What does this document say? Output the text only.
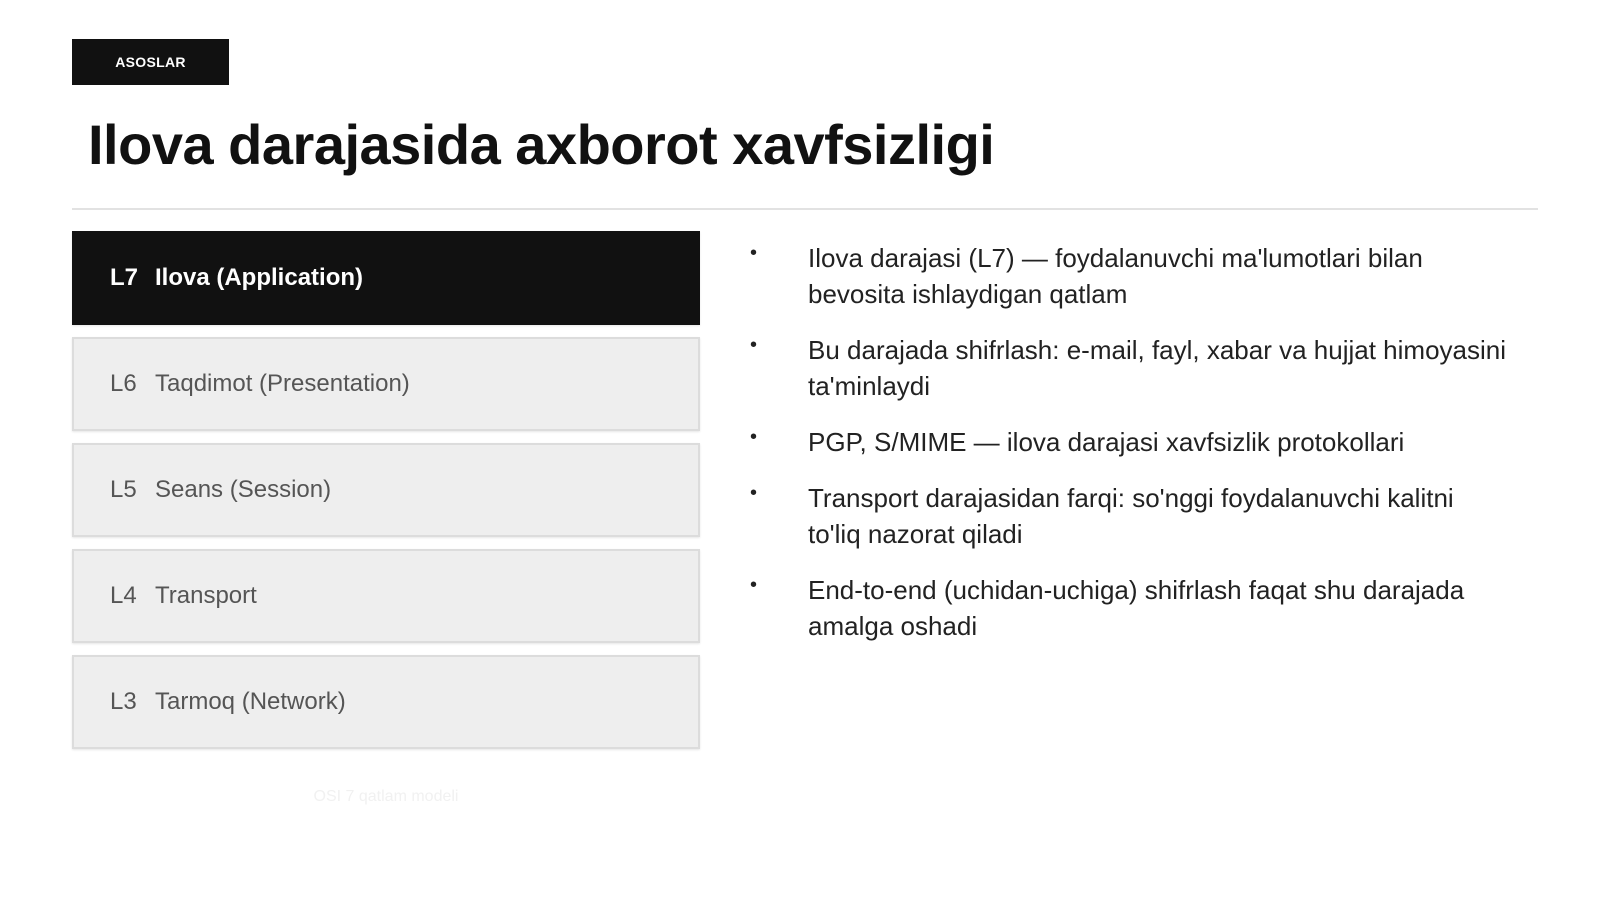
ASOSLAR
Ilova darajasida axborot xavfsizligi
L7 Ilova (Application)
L6 Taqdimot (Presentation)
L5 Seans (Session)
L4 Transport
L3 Tarmoq (Network)
OSI 7 qatlam modeli
• Ilova darajasi (L7) — foydalanuvchi ma'lumotlari bilan bevosita ishlaydigan qatlam
• Bu darajada shifrlash: e-mail, fayl, xabar va hujjat himoyasini ta'minlaydi
• PGP, S/MIME — ilova darajasi xavfsizlik protokollari
• Transport darajasidan farqi: so'nggi foydalanuvchi kalitni to'liq nazorat qiladi
• End-to-end (uchidan-uchiga) shifrlash faqat shu darajada amalga oshadi
